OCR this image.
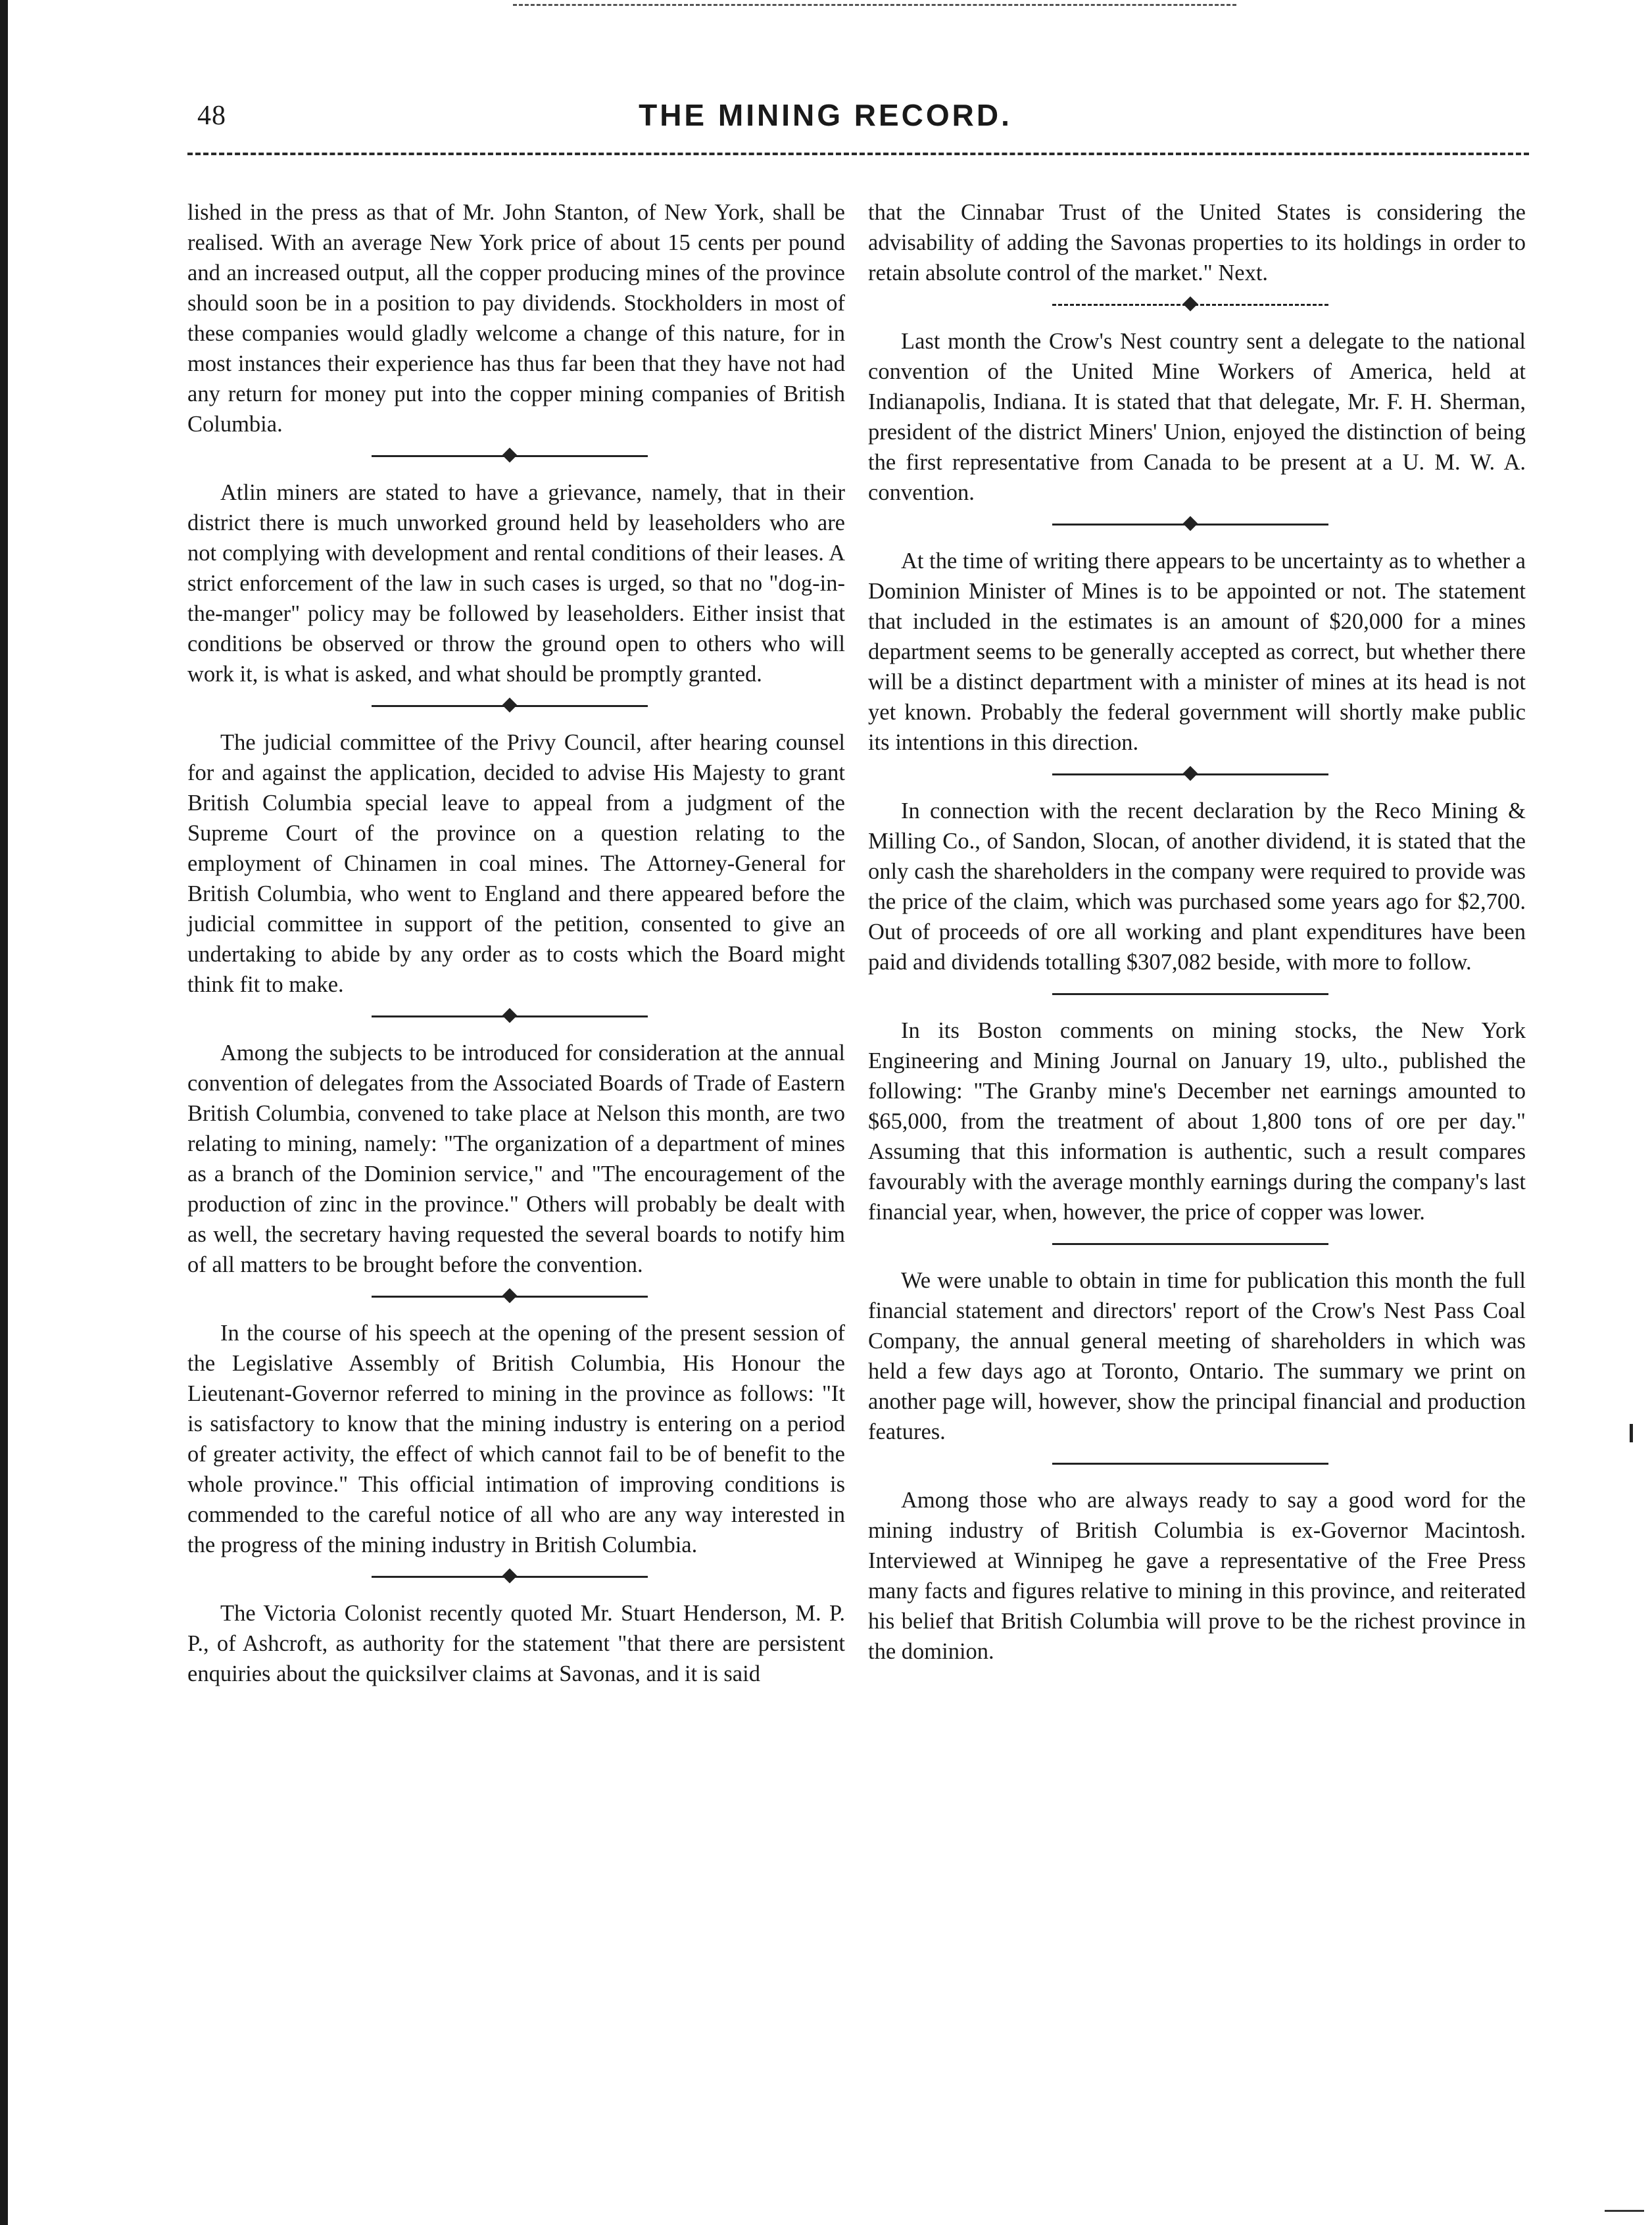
48	THE MINING RECORD.

lished in the press as that of Mr. John Stanton, of New York, shall be realised. With an average New York price of about 15 cents per pound and an increased output, all the copper producing mines of the province should soon be in a position to pay dividends. Stockholders in most of these companies would gladly welcome a change of this nature, for in most instances their experience has thus far been that they have not had any return for money put into the copper mining companies of British Columbia.

Atlin miners are stated to have a grievance, namely, that in their district there is much unworked ground held by leaseholders who are not complying with development and rental conditions of their leases. A strict enforcement of the law in such cases is urged, so that no "dog-in-the-manger" policy may be followed by leaseholders. Either insist that conditions be observed or throw the ground open to others who will work it, is what is asked, and what should be promptly granted.

The judicial committee of the Privy Council, after hearing counsel for and against the application, decided to advise His Majesty to grant British Columbia special leave to appeal from a judgment of the Supreme Court of the province on a question relating to the employment of Chinamen in coal mines. The Attorney-General for British Columbia, who went to England and there appeared before the judicial committee in support of the petition, consented to give an undertaking to abide by any order as to costs which the Board might think fit to make.

Among the subjects to be introduced for consideration at the annual convention of delegates from the Associated Boards of Trade of Eastern British Columbia, convened to take place at Nelson this month, are two relating to mining, namely: "The organization of a department of mines as a branch of the Dominion service," and "The encouragement of the production of zinc in the province." Others will probably be dealt with as well, the secretary having requested the several boards to notify him of all matters to be brought before the convention.

In the course of his speech at the opening of the present session of the Legislative Assembly of British Columbia, His Honour the Lieutenant-Governor referred to mining in the province as follows: "It is satisfactory to know that the mining industry is entering on a period of greater activity, the effect of which cannot fail to be of benefit to the whole province." This official intimation of improving conditions is commended to the careful notice of all who are any way interested in the progress of the mining industry in British Columbia.

The Victoria Colonist recently quoted Mr. Stuart Henderson, M. P. P., of Ashcroft, as authority for the statement "that there are persistent enquiries about the quicksilver claims at Savonas, and it is said

that the Cinnabar Trust of the United States is considering the advisability of adding the Savonas properties to its holdings in order to retain absolute control of the market." Next.

Last month the Crow's Nest country sent a delegate to the national convention of the United Mine Workers of America, held at Indianapolis, Indiana. It is stated that that delegate, Mr. F. H. Sherman, president of the district Miners' Union, enjoyed the distinction of being the first representative from Canada to be present at a U. M. W. A. convention.

At the time of writing there appears to be uncertainty as to whether a Dominion Minister of Mines is to be appointed or not. The statement that included in the estimates is an amount of $20,000 for a mines department seems to be generally accepted as correct, but whether there will be a distinct department with a minister of mines at its head is not yet known. Probably the federal government will shortly make public its intentions in this direction.

In connection with the recent declaration by the Reco Mining & Milling Co., of Sandon, Slocan, of another dividend, it is stated that the only cash the shareholders in the company were required to provide was the price of the claim, which was purchased some years ago for $2,700. Out of proceeds of ore all working and plant expenditures have been paid and dividends totalling $307,082 beside, with more to follow.

In its Boston comments on mining stocks, the New York Engineering and Mining Journal on January 19, ulto., published the following: "The Granby mine's December net earnings amounted to $65,000, from the treatment of about 1,800 tons of ore per day." Assuming that this information is authentic, such a result compares favourably with the average monthly earnings during the company's last financial year, when, however, the price of copper was lower.

We were unable to obtain in time for publication this month the full financial statement and directors' report of the Crow's Nest Pass Coal Company, the annual general meeting of shareholders in which was held a few days ago at Toronto, Ontario. The summary we print on another page will, however, show the principal financial and production features.

Among those who are always ready to say a good word for the mining industry of British Columbia is ex-Governor Macintosh. Interviewed at Winnipeg he gave a representative of the Free Press many facts and figures relative to mining in this province, and reiterated his belief that British Columbia will prove to be the richest province in the dominion.
